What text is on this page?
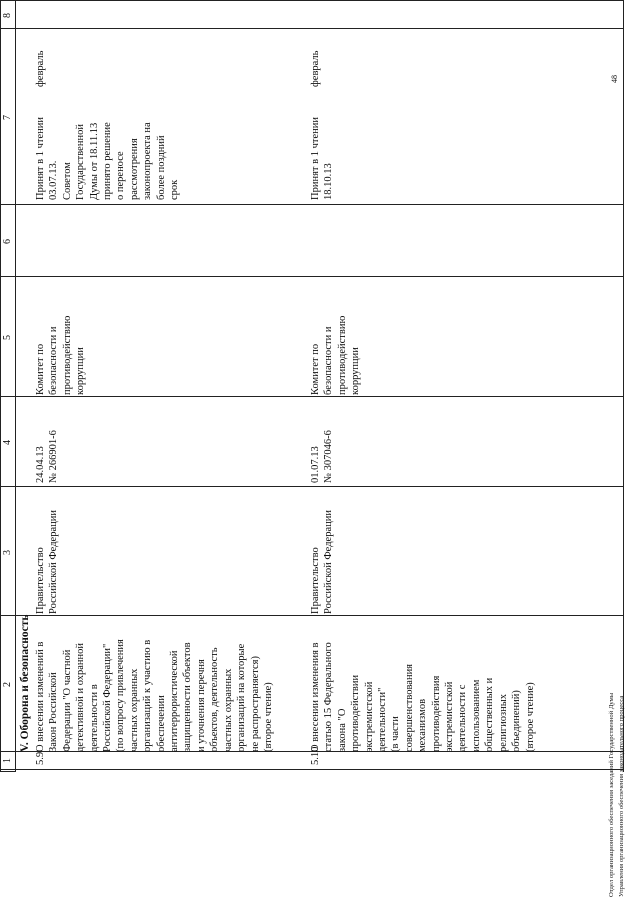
1
2
3
4
5
6
7
8
V. Оборона и безопасность
5.9
О внесении изменений в
Закон Российской
Федерации "О частной
детективной и охранной
деятельности в
Российской Федерации"
(по вопросу привлечения
частных охранных
организаций к участию в
обеспечении
антитеррористической
защищенности объектов
и уточнения перечня
объектов, деятельность
частных охранных
организаций на которые
не распространяется)
(второе чтение)
Правительство
Российской Федерации
24.04.13
№ 266901-6
Комитет по
безопасности и
противодействию
коррупции
Принят в 1 чтении
03.07.13.
Советом
Государственной
Думы от 18.11.13
принято решение
о переносе
рассмотрения
законопроекта на
более поздний
срок
февраль
5.10
О внесении изменения в
статью 15 Федерального
закона "О
противодействии
экстремистской
деятельности"
(в части
совершенствования
механизмов
противодействия
экстремистской
деятельности с
использованием
общественных и
религиозных
объединений)
(второе чтение)
Правительство
Российской Федерации
01.07.13
№ 307046-6
Комитет по
безопасности и
противодействию
коррупции
Принят в 1 чтении
18.10.13
февраль
Отдел организационного обеспечения заседаний Государственной Думы Управления организационного обеспечения законодательного процесса
48
